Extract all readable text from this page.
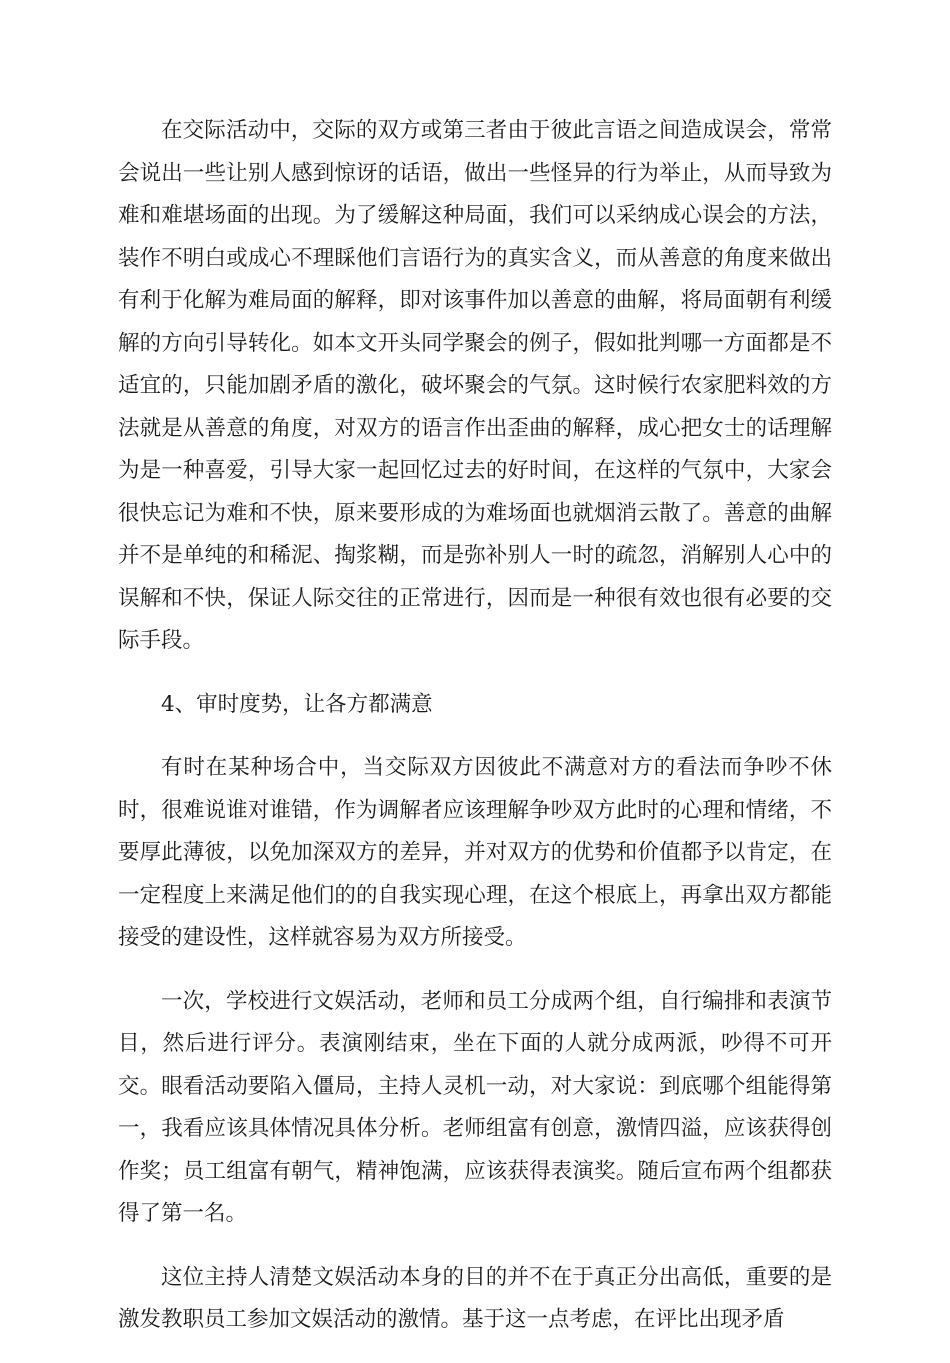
在交际活动中，交际的双方或第三者由于彼此言语之间造成误会，常常会说出一些让别人感到惊讶的话语，做出一些怪异的行为举止，从而导致为难和难堪场面的出现。为了缓解这种局面，我们可以采纳成心误会的方法，装作不明白或成心不理睬他们言语行为的真实含义，而从善意的角度来做出有利于化解为难局面的解释，即对该事件加以善意的曲解，将局面朝有利缓解的方向引导转化。如本文开头同学聚会的例子，假如批判哪一方面都是不适宜的，只能加剧矛盾的激化，破坏聚会的气氛。这时候行农家肥料效的方法就是从善意的角度，对双方的语言作出歪曲的解释，成心把女士的话理解为是一种喜爱，引导大家一起回忆过去的好时间，在这样的气氛中，大家会很快忘记为难和不快，原来要形成的为难场面也就烟消云散了。善意的曲解并不是单纯的和稀泥、掏浆糊，而是弥补别人一时的疏忽，消解别人心中的误解和不快，保证人际交往的正常进行，因而是一种很有效也很有必要的交际手段。

4、审时度势，让各方都满意

有时在某种场合中，当交际双方因彼此不满意对方的看法而争吵不休时，很难说谁对谁错，作为调解者应该理解争吵双方此时的心理和情绪，不要厚此薄彼，以免加深双方的差异，并对双方的优势和价值都予以肯定，在一定程度上来满足他们的的自我实现心理，在这个根底上，再拿出双方都能接受的建设性，这样就容易为双方所接受。

一次，学校进行文娱活动，老师和员工分成两个组，自行编排和表演节目，然后进行评分。表演刚结束，坐在下面的人就分成两派，吵得不可开交。眼看活动要陷入僵局，主持人灵机一动，对大家说：到底哪个组能得第一，我看应该具体情况具体分析。老师组富有创意，激情四溢，应该获得创作奖；员工组富有朝气，精神饱满，应该获得表演奖。随后宣布两个组都获得了第一名。

这位主持人清楚文娱活动本身的目的并不在于真正分出高低，重要的是激发教职员工参加文娱活动的激情。基于这一点考虑，在评比出现矛盾
